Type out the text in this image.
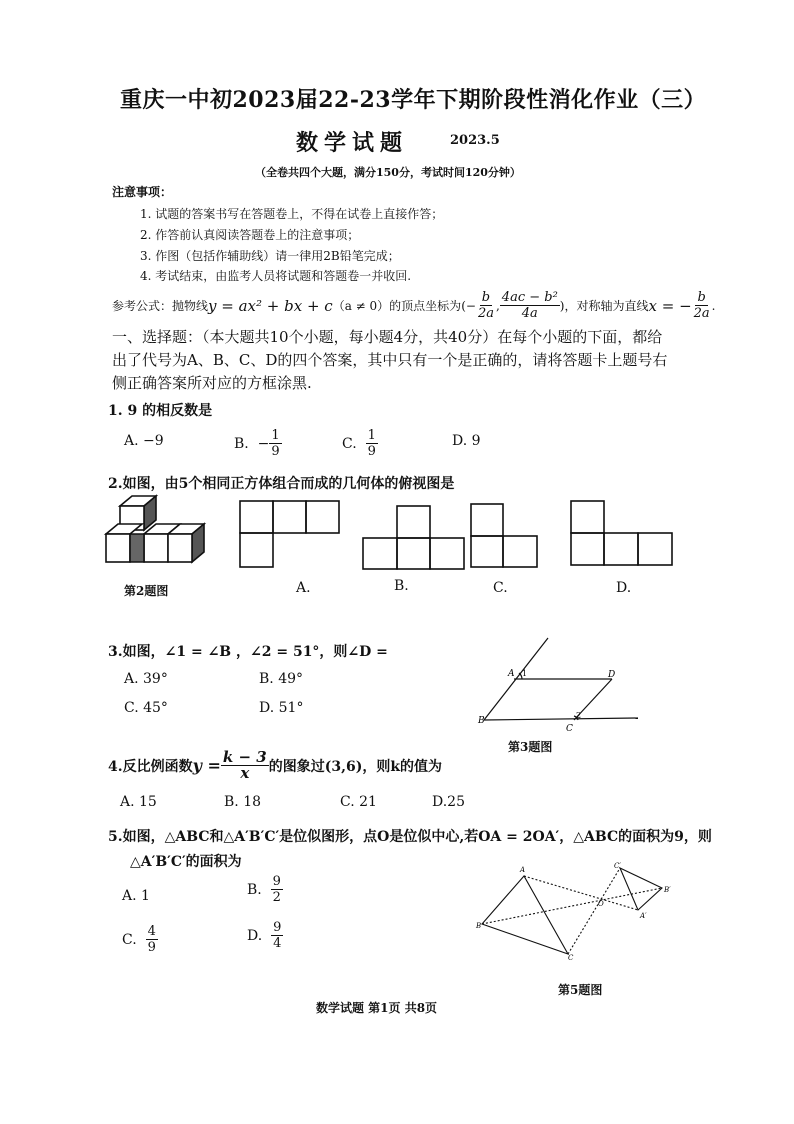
重庆一中初2023届22-23学年下期阶段性消化作业（三）
数学试题	2023.5
（全卷共四个大题，满分150分，考试时间120分钟）
注意事项：
1. 试题的答案书写在答题卷上，不得在试卷上直接作答；
2. 作答前认真阅读答题卷上的注意事项；
3. 作图（包括作辅助线）请一律用2B铅笔完成；
4. 考试结束，由监考人员将试题和答题卷一并收回.
参考公式：抛物线 y = ax² + bx + c （a ≠ 0） 的顶点坐标为 (− $\frac{b}{2a}$ , $\frac{\text{4ac − b²}}{4a}$ ) ，对称轴为直线 x = − $\frac{b}{2a}$ .
一、选择题：（本大题共10个小题，每小题4分，共40分）在每个小题的下面，都给出了代号为A、B、C、D的四个答案，其中只有一个是正确的，请将答题卡上题号右侧正确答案所对应的方框涂黑.
1. 9 的相反数是
A. −9	B.
− $\frac{1}{9}$	C.
$\frac{1}{9}$	D. 9
2.如图，由5个相同正方体组合而成的几何体的俯视图是
第2题图	A.	B.	C.	D.
3.如图，∠1 = ∠B ，∠2 = 51°，则∠D =
A. 39°	B. 49°
C. 45°	D. 51°
A 1	D
B
2
C
第3题图
4.反比例函数 $y = \frac{k - 3}{x}$ 的图象过(3,6)，则k的值为
A. 15	B. 18	C. 21	D.25
5.如图，△ABC和△A′B′C′是位似图形，点O是位似中心,若OA = 2OA′，△ABC的面积为9，则
△A′B′C′的面积为
A. 1	B.
$\frac{9}{2}$
C.
$\frac{4}{9}$	D.
$\frac{9}{4}$
A
B
C
O
A′
B′
C′
第5题图
数学试题 第1页 共8页
